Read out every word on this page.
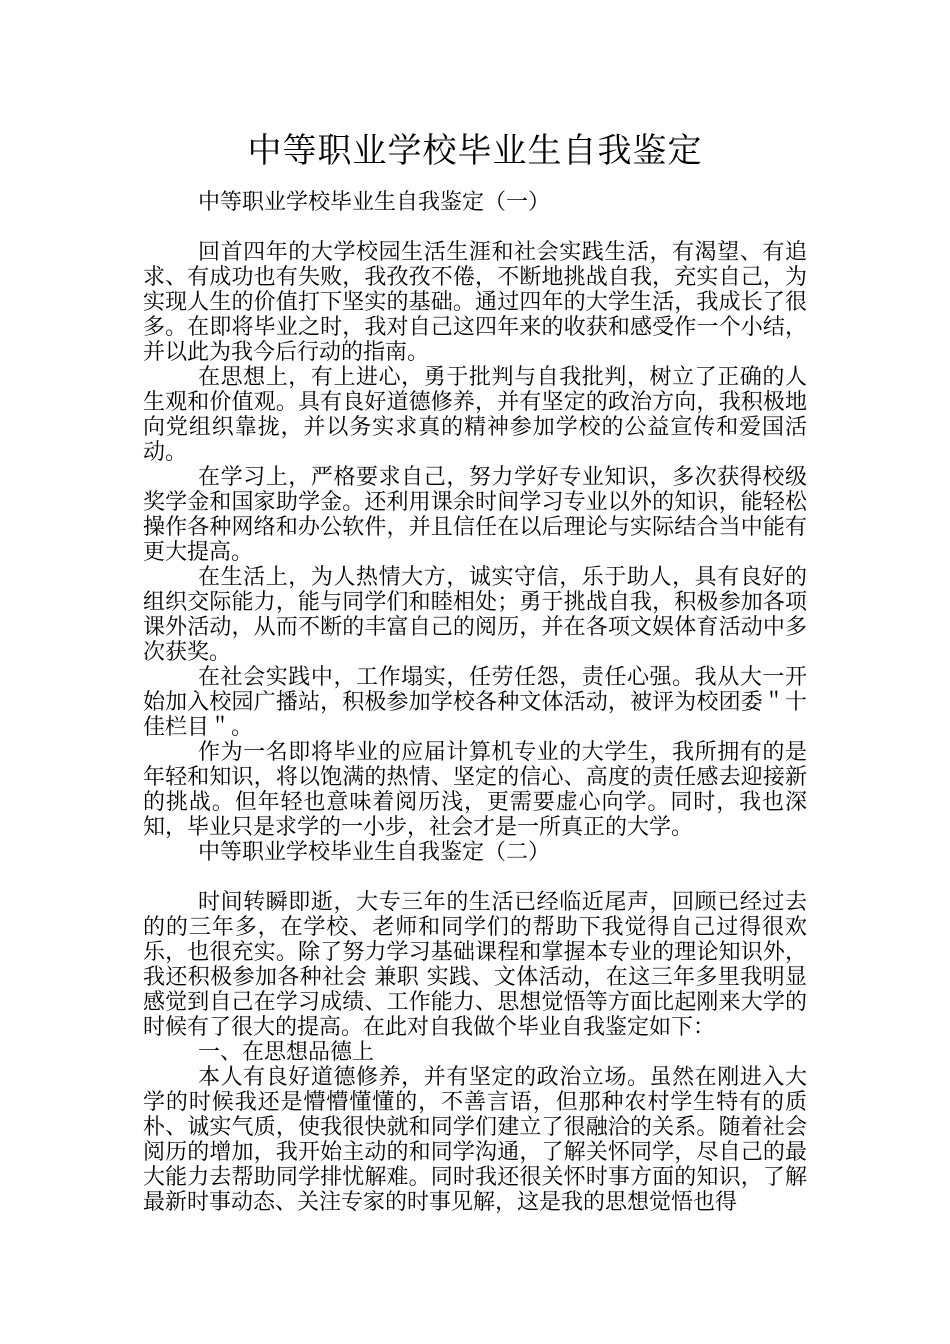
中等职业学校毕业生自我鉴定

中等职业学校毕业生自我鉴定（一）

回首四年的大学校园生活生涯和社会实践生活，有渴望、有追求、有成功也有失败，我孜孜不倦，不断地挑战自我，充实自己，为实现人生的价值打下坚实的基础。通过四年的大学生活，我成长了很多。在即将毕业之时，我对自己这四年来的收获和感受作一个小结，并以此为我今后行动的指南。

在思想上，有上进心，勇于批判与自我批判，树立了正确的人生观和价值观。具有良好道德修养，并有坚定的政治方向，我积极地向党组织靠拢，并以务实求真的精神参加学校的公益宣传和爱国活动。

在学习上，严格要求自己，努力学好专业知识，多次获得校级奖学金和国家助学金。还利用课余时间学习专业以外的知识，能轻松操作各种网络和办公软件，并且信任在以后理论与实际结合当中能有更大提高。

在生活上，为人热情大方，诚实守信，乐于助人，具有良好的组织交际能力，能与同学们和睦相处；勇于挑战自我，积极参加各项课外活动，从而不断的丰富自己的阅历，并在各项文娱体育活动中多次获奖。

在社会实践中，工作塌实，任劳任怨，责任心强。我从大一开始加入校园广播站，积极参加学校各种文体活动，被评为校团委＂十佳栏目＂。

作为一名即将毕业的应届计算机专业的大学生，我所拥有的是年轻和知识，将以饱满的热情、坚定的信心、高度的责任感去迎接新的挑战。但年轻也意味着阅历浅，更需要虚心向学。同时，我也深知，毕业只是求学的一小步，社会才是一所真正的大学。

中等职业学校毕业生自我鉴定（二）

时间转瞬即逝，大专三年的生活已经临近尾声，回顾已经过去的的三年多，在学校、老师和同学们的帮助下我觉得自己过得很欢乐，也很充实。除了努力学习基础课程和掌握本专业的理论知识外，我还积极参加各种社会 兼职 实践、文体活动，在这三年多里我明显感觉到自己在学习成绩、工作能力、思想觉悟等方面比起刚来大学的时候有了很大的提高。在此对自我做个毕业自我鉴定如下：

一、在思想品德上

本人有良好道德修养，并有坚定的政治立场。虽然在刚进入大学的时候我还是懵懵懂懂的，不善言语，但那种农村学生特有的质朴、诚实气质，使我很快就和同学们建立了很融洽的关系。随着社会阅历的增加，我开始主动的和同学沟通，了解关怀同学，尽自己的最大能力去帮助同学排忧解难。同时我还很关怀时事方面的知识，了解最新时事动态、关注专家的时事见解，这是我的思想觉悟也得
